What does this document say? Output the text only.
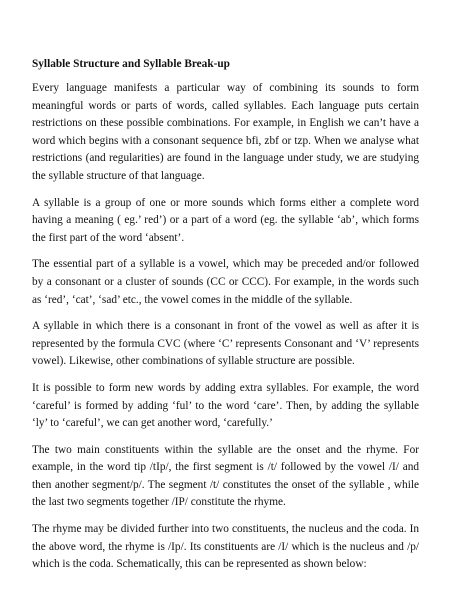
Syllable Structure and Syllable Break-up

Every language manifests a particular way of combining its sounds to form meaningful words or parts of words, called syllables. Each language puts certain restrictions on these possible combinations. For example, in English we can’t have a word which begins with a consonant sequence bfi, zbf or tzp. When we analyse what restrictions (and regularities) are found in the language under study, we are studying the syllable structure of that language.

A syllable is a group of one or more sounds which forms either a complete word having a meaning ( eg.’ red’) or a part of a word (eg. the syllable ‘ab’, which forms the first part of the word ‘absent’.

The essential part of a syllable is a vowel, which may be preceded and/or followed by a consonant or a cluster of sounds (CC or CCC). For example, in the words such as ‘red’, ‘cat’, ‘sad’ etc., the vowel comes in the middle of the syllable.

A syllable in which there is a consonant in front of the vowel as well as after it is represented by the formula CVC (where ‘C’ represents Consonant and ‘V’ represents vowel). Likewise, other combinations of syllable structure are possible.

It is possible to form new words by adding extra syllables. For example, the word ‘careful’ is formed by adding ‘ful’ to the word ‘care’. Then, by adding the syllable ‘ly’ to ‘careful’, we can get another word, ‘carefully.’

The two main constituents within the syllable are the onset and the rhyme. For example, in the word tip /tIp/, the first segment is /t/ followed by the vowel /I/ and then another segment/p/. The segment /t/ constitutes the onset of the syllable , while the last two segments together /IP/ constitute the rhyme.

The rhyme may be divided further into two constituents, the nucleus and the coda. In the above word, the rhyme is /Ip/. Its constituents are /I/ which is the nucleus and /p/ which is the coda. Schematically, this can be represented as shown below:
